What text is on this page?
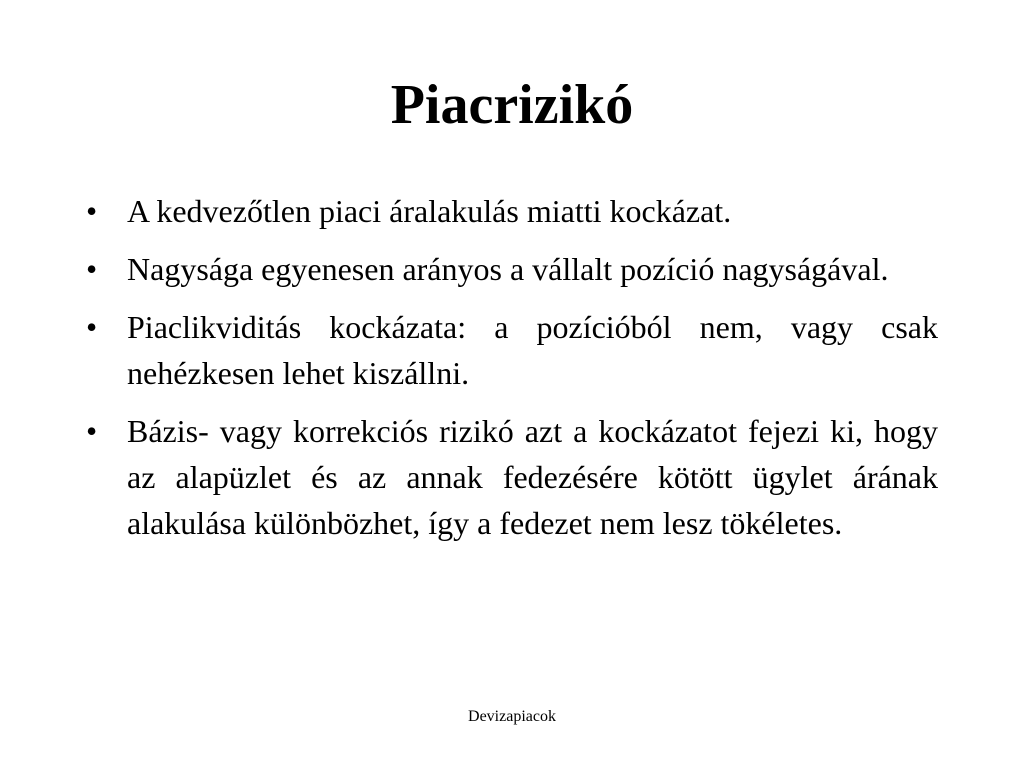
Piacrizikó
• A kedvezőtlen piaci áralakulás miatti kockázat.
• Nagysága egyenesen arányos a vállalt pozíció nagyságával.
• Piaclikviditás kockázata: a pozícióból nem, vagy csak nehézkesen lehet kiszállni.
• Bázis- vagy korrekciós rizikó azt a kockázatot fejezi ki, hogy az alapüzlet és az annak fedezésére kötött ügylet árának alakulása különbözhet, így a fedezet nem lesz tökéletes.
Devizapiacok
